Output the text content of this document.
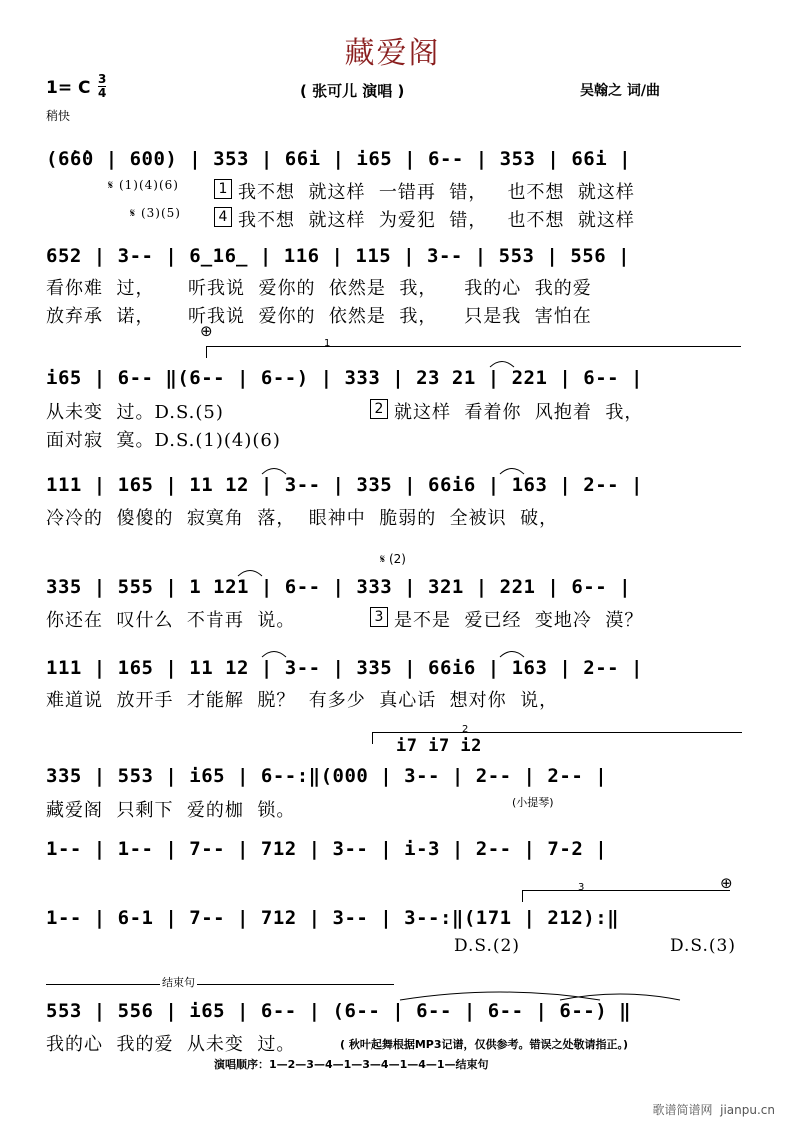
藏爱阁
1= C $\frac{3}{4}$
稍快
( 张可儿 演唱 )	吴翰之 词/曲
(6̇6̇0 | 600) | 353 | 66i | i65 | 6-- | 353 | 66i |
𝄋 (1)(4)(6)	1 我不想  就这样  一错再  错，   也不想  就这样
𝄋 (3)(5)	4 我不想  就这样  为爱犯  错，   也不想  就这样
652 | 3-- | 6̲16̲ | 116 | 115 | 3-- | 553 | 556 |
看你难  过，     听我说  爱你的  依然是  我，    我的心  我的爱
放弃承  诺，     听我说  爱你的  依然是  我，    只是我  害怕在
⊕
1
i65 | 6-- ‖(6-- | 6--) | 333 | 23 21 | 221 | 6-- |
从未变  过。D.S.(5)	2 就这样  看着你  风抱着  我，
面对寂  寞。D.S.(1)(4)(6)
111 | 165 | 11 12 | 3-- | 335 | 66i6 | 163 | 2-- |
冷冷的  傻傻的  寂寞角  落，  眼神中  脆弱的  全被识  破，
𝄋 (2)
335 | 555 | 1 121 | 6-- | 333 | 321 | 221 | 6-- |
你还在  叹什么  不肯再  说。	3 是不是  爱已经  变地冷  漠？
111 | 165 | 11 12 | 3-- | 335 | 66i6 | 163 | 2-- |
难道说  放开手  才能解  脱？  有多少  真心话  想对你  说，
2
i7 i7 i2
335 | 553 | i65 | 6--:‖(000 | 3-- | 2-- | 2-- |
藏爱阁  只剩下  爱的枷  锁。	(小提琴)
1-- | 1-- | 7-- | 712 | 3-- | i-3 | 2-- | 7-2 |
3	⊕
1-- | 6-1 | 7-- | 712 | 3-- | 3--:‖(171 | 212):‖
D.S.(2)	D.S.(3)
结束句
553 | 556 | i65 | 6-- | (6-- | 6-- | 6-- | 6--) ‖
我的心  我的爱  从未变  过。	( 秋叶起舞根据MP3记谱，仅供参考。错误之处敬请指正。)
演唱顺序：1—2—3—4—1—3—4—1—4—1—结束句
歌谱简谱网  jianpu.cn
